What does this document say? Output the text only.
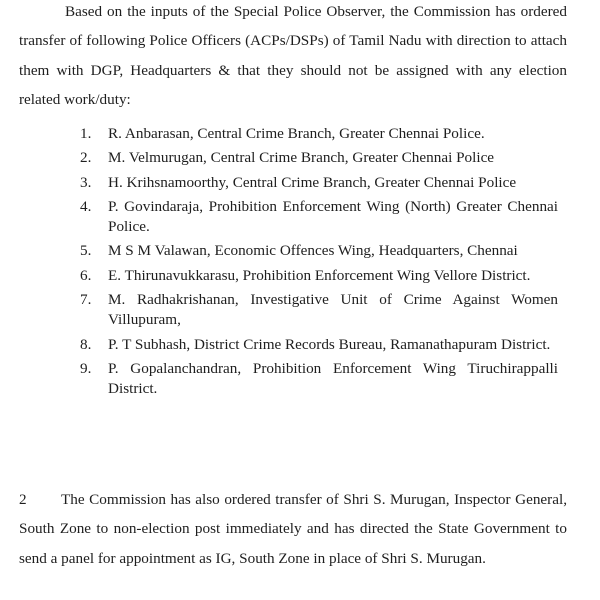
Based on the inputs of the Special Police Observer, the Commission has ordered transfer of following Police Officers (ACPs/DSPs) of Tamil Nadu with direction to attach them with DGP, Headquarters & that they should not be assigned with any election related work/duty:

1.	R. Anbarasan, Central Crime Branch, Greater Chennai Police.
2.	M. Velmurugan, Central Crime Branch, Greater Chennai Police
3.	H. Krihsnamoorthy, Central Crime Branch, Greater Chennai Police
4.	P. Govindaraja, Prohibition Enforcement Wing (North) Greater Chennai Police.
5.	M S M Valawan, Economic Offences Wing, Headquarters, Chennai
6.	E. Thirunavukkarasu, Prohibition Enforcement Wing Vellore District.
7.	M. Radhakrishanan, Investigative Unit of Crime Against Women Villupuram,
8.	P. T Subhash, District Crime Records Bureau, Ramanathapuram District.
9.	P. Gopalanchandran, Prohibition Enforcement Wing Tiruchirappalli District.

2 The Commission has also ordered transfer of Shri S. Murugan, Inspector General, South Zone to non-election post immediately and has directed the State Government to send a panel for appointment as IG, South Zone in place of Shri S. Murugan.
